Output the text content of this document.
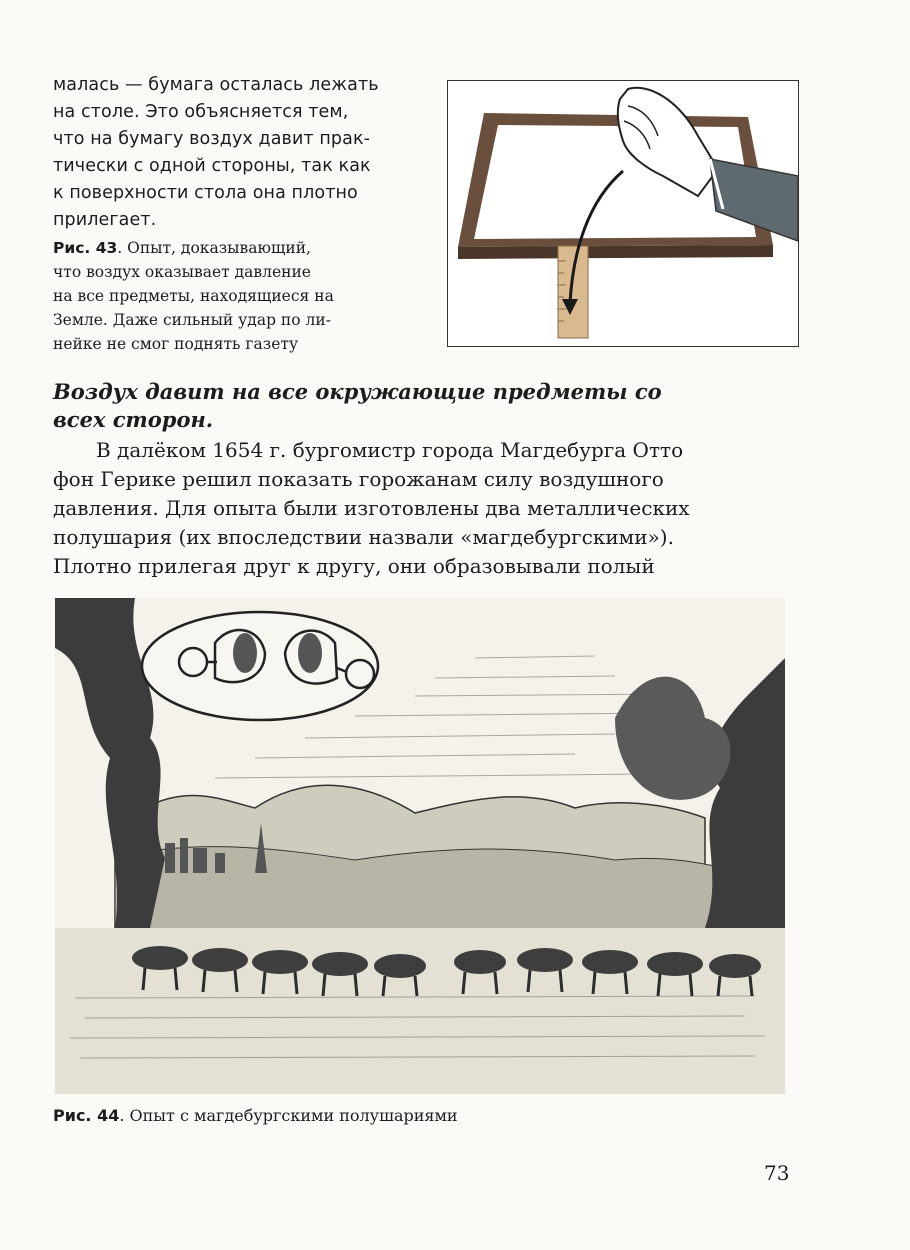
малась — бумага осталась лежать
на столе. Это объясняется тем,
что на бумагу воздух давит прак-
тически с одной стороны, так как
к поверхности стола она плотно
прилегает.
Рис. 43. Опыт, доказывающий,
что воздух оказывает давление
на все предметы, находящиеся на
Земле. Даже сильный удар по ли-
нейке не смог поднять газету
Воздух давит на все окружающие предметы со
всех сторон.
В далёком 1654 г. бургомистр города Магдебурга Отто
фон Герике решил показать горожанам силу воздушного
давления. Для опыта были изготовлены два металлических
полушария (их впоследствии назвали «магдебургскими»).
Плотно прилегая друг к другу, они образовывали полый
Рис. 44. Опыт с магдебургскими полушариями
73
